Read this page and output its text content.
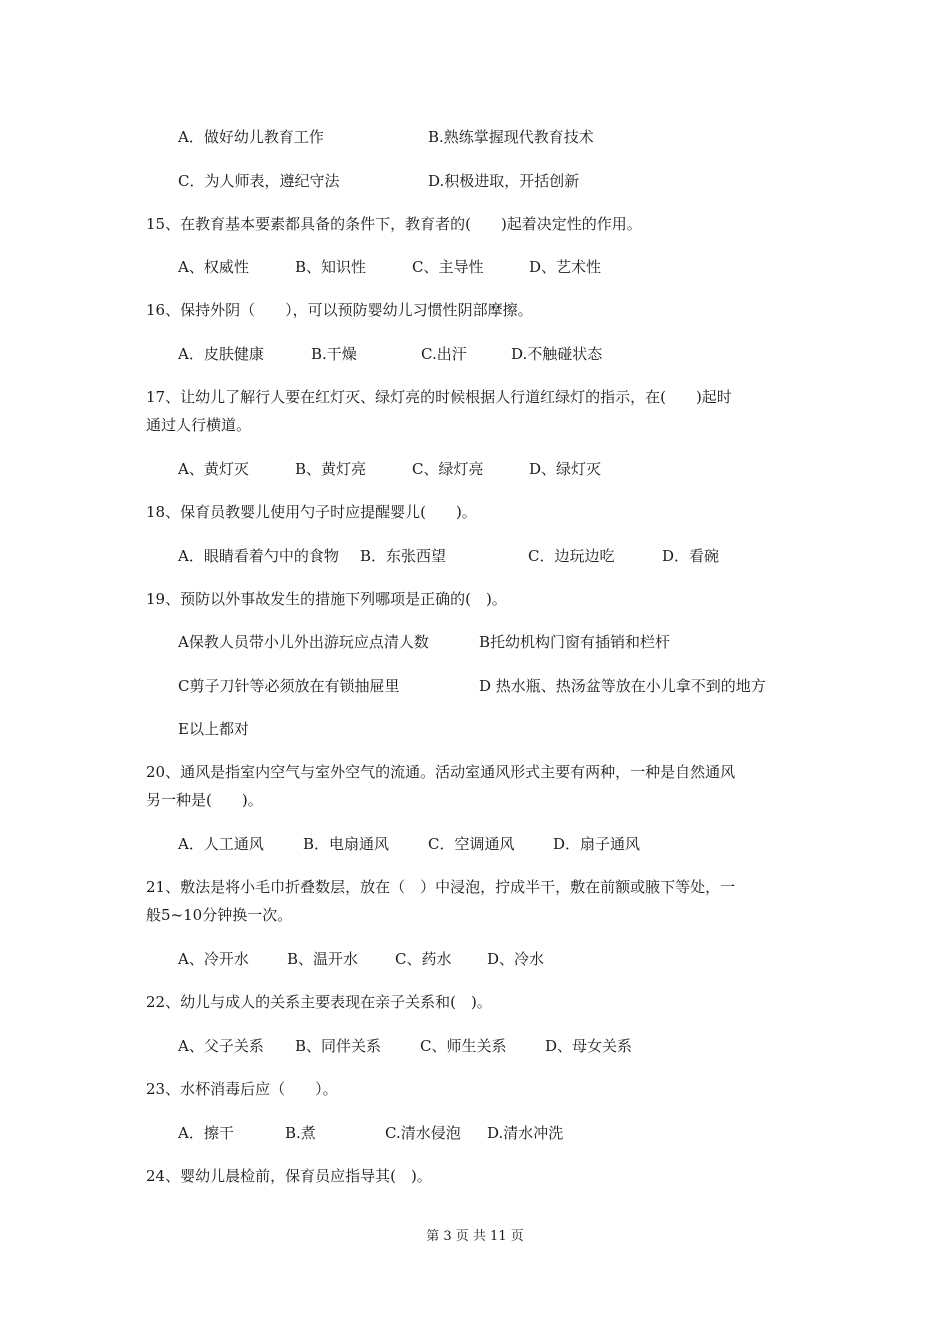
A．做好幼儿教育工作	B.熟练掌握现代教育技术
C．为人师表，遵纪守法	D.积极进取，开括创新
15、在教育基本要素都具备的条件下，教育者的(　　)起着决定性的作用。
A、权威性	B、知识性	C、主导性	D、艺术性
16、保持外阴（　　），可以预防婴幼儿习惯性阴部摩擦。
A．皮肤健康	B.干燥	C.出汗	D.不触碰状态
17、让幼儿了解行人要在红灯灭、绿灯亮的时候根据人行道红绿灯的指示，在(　　)起时
通过人行横道。
A、黄灯灭	B、黄灯亮	C、绿灯亮	D、绿灯灭
18、保育员教婴儿使用勺子时应提醒婴儿(　　)。
A．眼睛看着勺中的食物 B．东张西望	C．边玩边吃	D．看碗
19、预防以外事故发生的措施下列哪项是正确的(　)。
A保教人员带小儿外出游玩应点清人数	B托幼机构门窗有插销和栏杆
C剪子刀针等必须放在有锁抽屉里	D 热水瓶、热汤盆等放在小儿拿不到的地方
E以上都对
20、通风是指室内空气与室外空气的流通。活动室通风形式主要有两种，一种是自然通风
另一种是(　　)。
A．人工通风	B．电扇通风	C．空调通风	D．扇子通风
21、敷法是将小毛巾折叠数层，放在（　）中浸泡，拧成半干，敷在前额或腋下等处，一
般5~10分钟换一次。
A、冷开水	B、温开水 C、药水 D、冷水
22、幼儿与成人的关系主要表现在亲子关系和(　)。
A、父子关系 B、同伴关系	C、师生关系	D、母女关系
23、水杯消毒后应（　　）。
A．擦干	B.煮	C.清水侵泡 D.清水冲洗
24、婴幼儿晨检前，保育员应指导其(　)。
第 3 页 共 11 页
